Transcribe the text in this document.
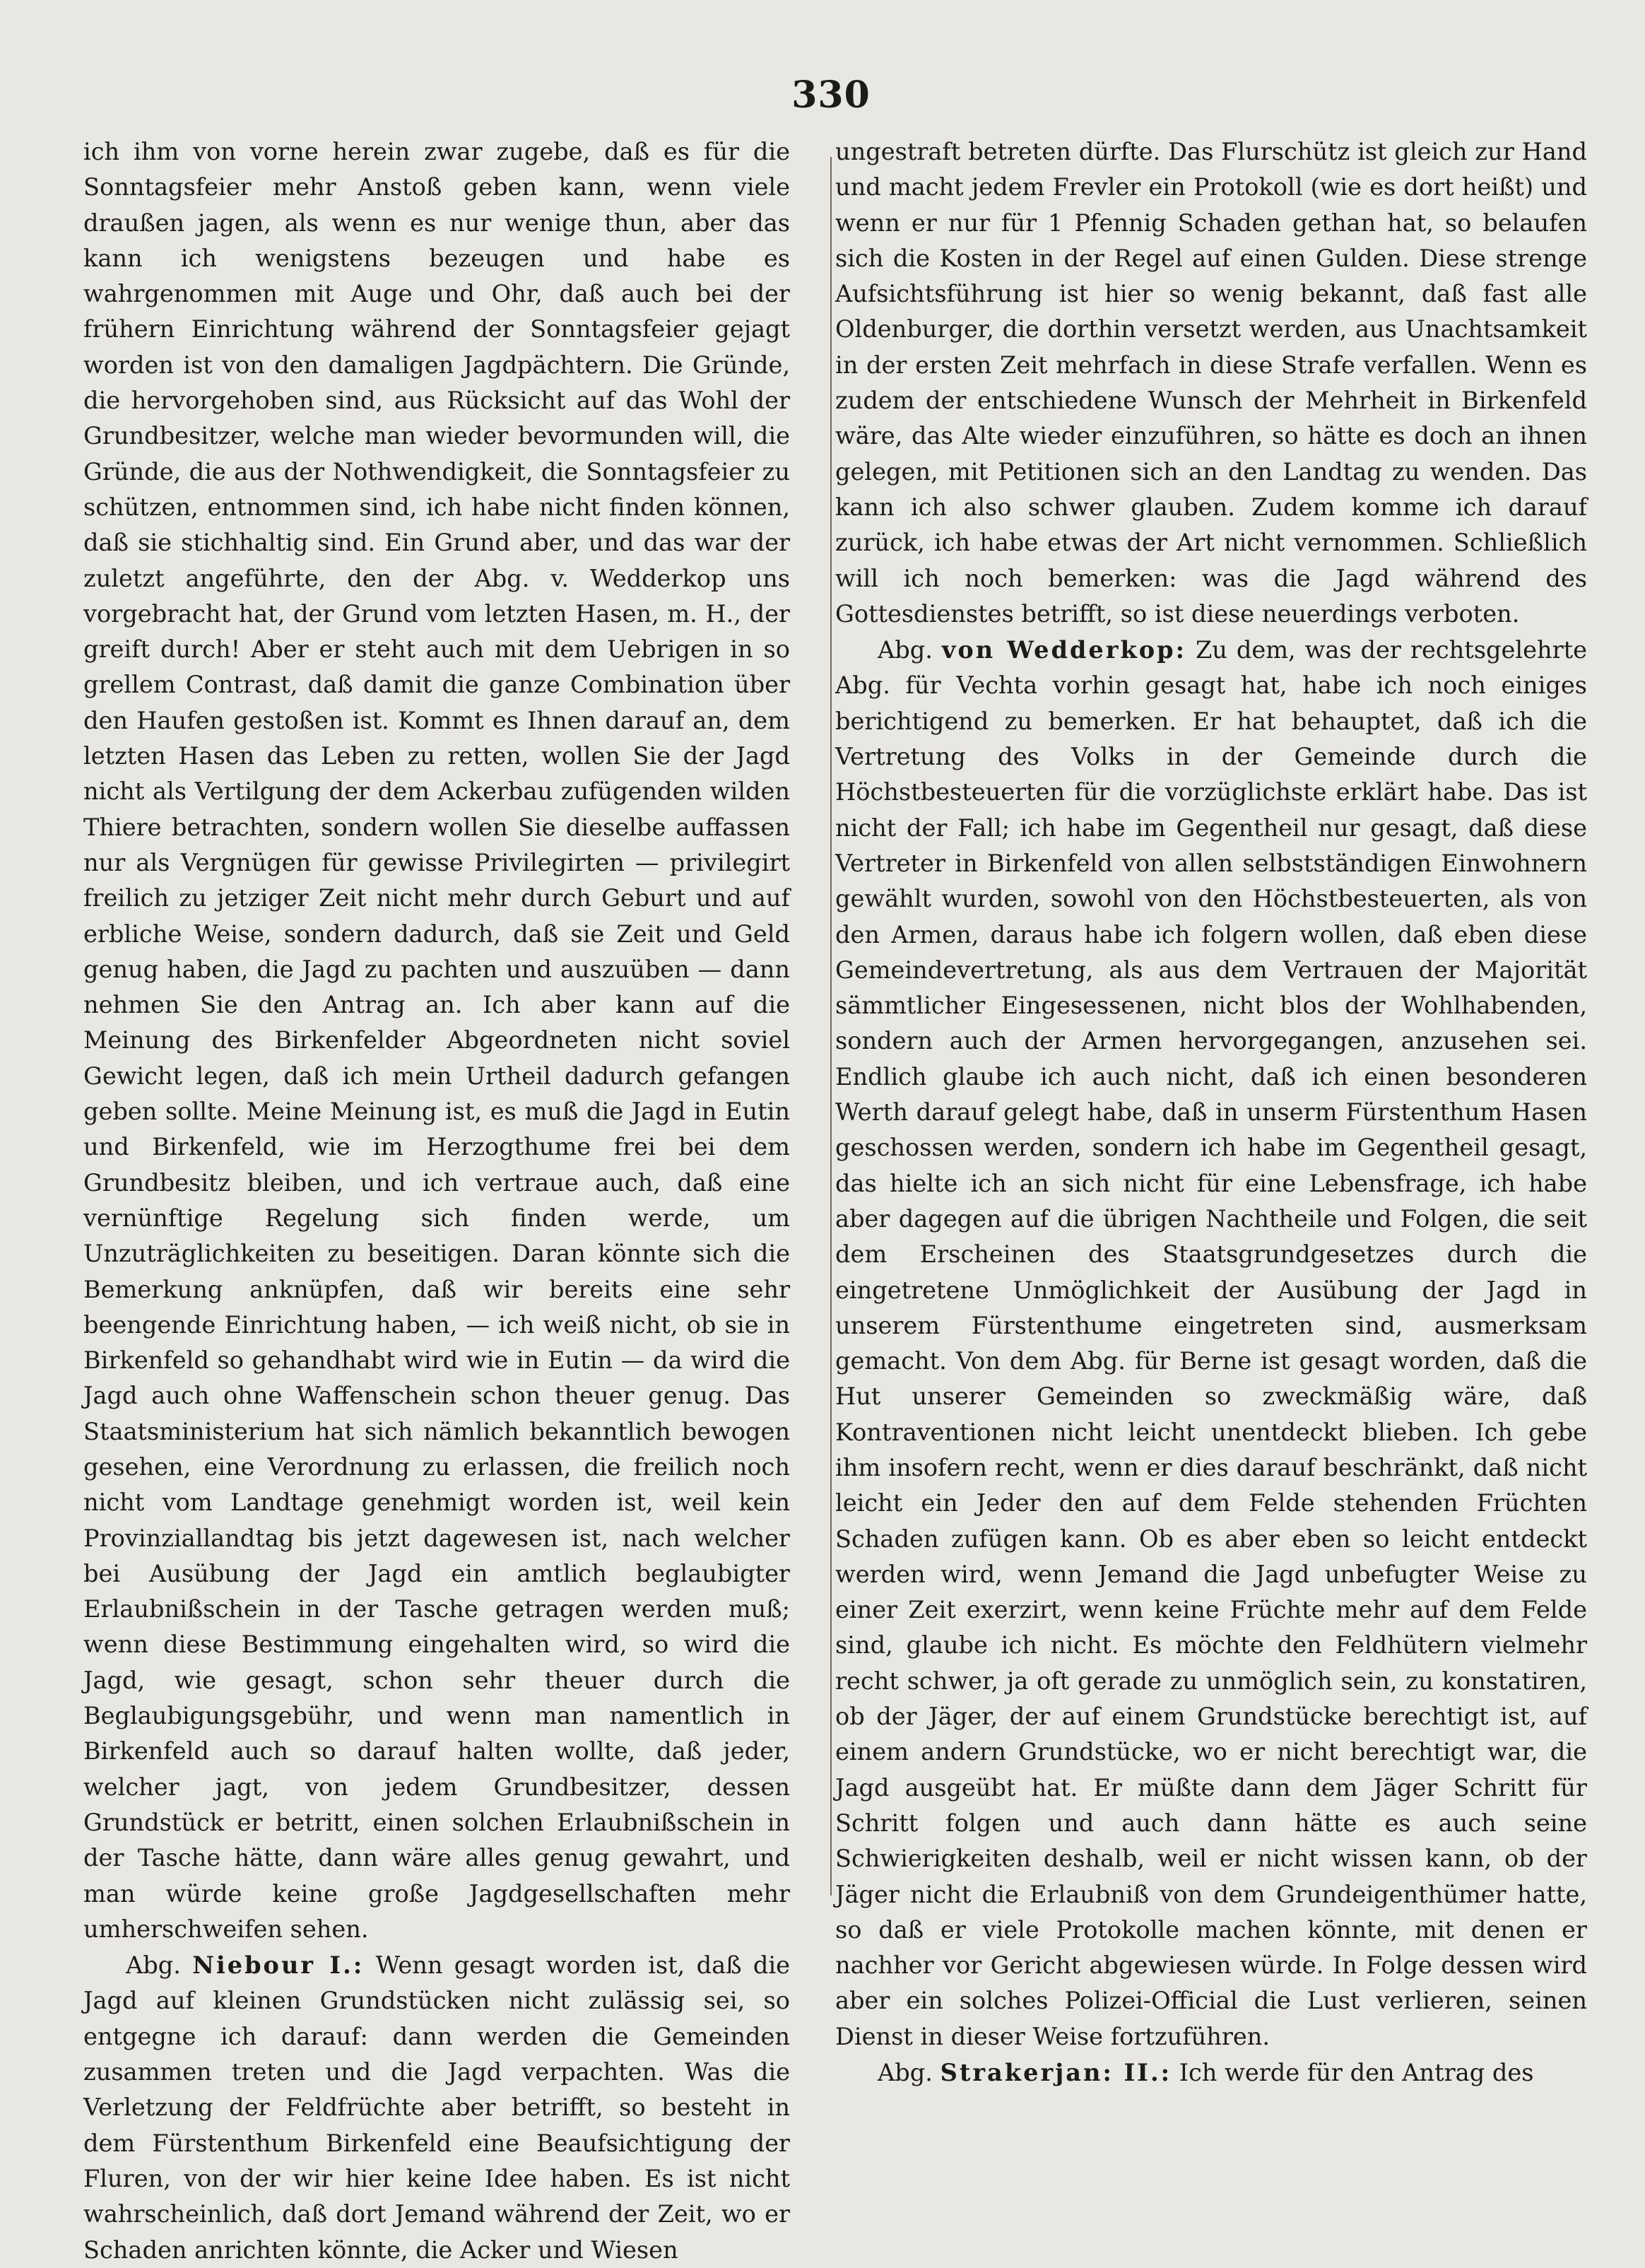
330

ich ihm von vorne herein zwar zugebe, daß es für die Sonntagsfeier mehr Anstoß geben kann, wenn viele draußen jagen, als wenn es nur wenige thun, aber das kann ich wenigstens bezeugen und habe es wahrgenommen mit Auge und Ohr, daß auch bei der frühern Einrichtung während der Sonntagsfeier gejagt worden ist von den damaligen Jagdpächtern. Die Gründe, die hervorgehoben sind, aus Rücksicht auf das Wohl der Grundbesitzer, welche man wieder bevormunden will, die Gründe, die aus der Nothwendigkeit, die Sonntagsfeier zu schützen, entnommen sind, ich habe nicht finden können, daß sie stichhaltig sind. Ein Grund aber, und das war der zuletzt angeführte, den der Abg. v. Wedderkop uns vorgebracht hat, der Grund vom letzten Hasen, m. H., der greift durch! Aber er steht auch mit dem Uebrigen in so grellem Contrast, daß damit die ganze Combination über den Haufen gestoßen ist. Kommt es Ihnen darauf an, dem letzten Hasen das Leben zu retten, wollen Sie der Jagd nicht als Vertilgung der dem Ackerbau zufügenden wilden Thiere betrachten, sondern wollen Sie dieselbe auffassen nur als Vergnügen für gewisse Privilegirten — privilegirt freilich zu jetziger Zeit nicht mehr durch Geburt und auf erbliche Weise, sondern dadurch, daß sie Zeit und Geld genug haben, die Jagd zu pachten und auszuüben — dann nehmen Sie den Antrag an. Ich aber kann auf die Meinung des Birkenfelder Abgeordneten nicht soviel Gewicht legen, daß ich mein Urtheil dadurch gefangen geben sollte. Meine Meinung ist, es muß die Jagd in Eutin und Birkenfeld, wie im Herzogthume frei bei dem Grundbesitz bleiben, und ich vertraue auch, daß eine vernünftige Regelung sich finden werde, um Unzuträglichkeiten zu beseitigen. Daran könnte sich die Bemerkung anknüpfen, daß wir bereits eine sehr beengende Einrichtung haben, — ich weiß nicht, ob sie in Birkenfeld so gehandhabt wird wie in Eutin — da wird die Jagd auch ohne Waffenschein schon theuer genug. Das Staatsministerium hat sich nämlich bekanntlich bewogen gesehen, eine Verordnung zu erlassen, die freilich noch nicht vom Landtage genehmigt worden ist, weil kein Provinziallandtag bis jetzt dagewesen ist, nach welcher bei Ausübung der Jagd ein amtlich beglaubigter Erlaubnißschein in der Tasche getragen werden muß; wenn diese Bestimmung eingehalten wird, so wird die Jagd, wie gesagt, schon sehr theuer durch die Beglaubigungsgebühr, und wenn man namentlich in Birkenfeld auch so darauf halten wollte, daß jeder, welcher jagt, von jedem Grundbesitzer, dessen Grundstück er betritt, einen solchen Erlaubnißschein in der Tasche hätte, dann wäre alles genug gewahrt, und man würde keine große Jagdgesellschaften mehr umherschweifen sehen.

Abg. Niebour I.: Wenn gesagt worden ist, daß die Jagd auf kleinen Grundstücken nicht zulässig sei, so entgegne ich darauf: dann werden die Gemeinden zusammen treten und die Jagd verpachten. Was die Verletzung der Feldfrüchte aber betrifft, so besteht in dem Fürstenthum Birkenfeld eine Beaufsichtigung der Fluren, von der wir hier keine Idee haben. Es ist nicht wahrscheinlich, daß dort Jemand während der Zeit, wo er Schaden anrichten könnte, die Acker und Wiesen

ungestraft betreten dürfte. Das Flurschütz ist gleich zur Hand und macht jedem Frevler ein Protokoll (wie es dort heißt) und wenn er nur für 1 Pfennig Schaden gethan hat, so belaufen sich die Kosten in der Regel auf einen Gulden. Diese strenge Aufsichtsführung ist hier so wenig bekannt, daß fast alle Oldenburger, die dorthin versetzt werden, aus Unachtsamkeit in der ersten Zeit mehrfach in diese Strafe verfallen. Wenn es zudem der entschiedene Wunsch der Mehrheit in Birkenfeld wäre, das Alte wieder einzuführen, so hätte es doch an ihnen gelegen, mit Petitionen sich an den Landtag zu wenden. Das kann ich also schwer glauben. Zudem komme ich darauf zurück, ich habe etwas der Art nicht vernommen. Schließlich will ich noch bemerken: was die Jagd während des Gottesdienstes betrifft, so ist diese neuerdings verboten.

Abg. von Wedderkop: Zu dem, was der rechtsgelehrte Abg. für Vechta vorhin gesagt hat, habe ich noch einiges berichtigend zu bemerken. Er hat behauptet, daß ich die Vertretung des Volks in der Gemeinde durch die Höchstbesteuerten für die vorzüglichste erklärt habe. Das ist nicht der Fall; ich habe im Gegentheil nur gesagt, daß diese Vertreter in Birkenfeld von allen selbstständigen Einwohnern gewählt wurden, sowohl von den Höchstbesteuerten, als von den Armen, daraus habe ich folgern wollen, daß eben diese Gemeindevertretung, als aus dem Vertrauen der Majorität sämmtlicher Eingesessenen, nicht blos der Wohlhabenden, sondern auch der Armen hervorgegangen, anzusehen sei. Endlich glaube ich auch nicht, daß ich einen besonderen Werth darauf gelegt habe, daß in unserm Fürstenthum Hasen geschossen werden, sondern ich habe im Gegentheil gesagt, das hielte ich an sich nicht für eine Lebensfrage, ich habe aber dagegen auf die übrigen Nachtheile und Folgen, die seit dem Erscheinen des Staatsgrundgesetzes durch die eingetretene Unmöglichkeit der Ausübung der Jagd in unserem Fürstenthume eingetreten sind, ausmerksam gemacht. Von dem Abg. für Berne ist gesagt worden, daß die Hut unserer Gemeinden so zweckmäßig wäre, daß Kontraventionen nicht leicht unentdeckt blieben. Ich gebe ihm insofern recht, wenn er dies darauf beschränkt, daß nicht leicht ein Jeder den auf dem Felde stehenden Früchten Schaden zufügen kann. Ob es aber eben so leicht entdeckt werden wird, wenn Jemand die Jagd unbefugter Weise zu einer Zeit exerzirt, wenn keine Früchte mehr auf dem Felde sind, glaube ich nicht. Es möchte den Feldhütern vielmehr recht schwer, ja oft gerade zu unmöglich sein, zu konstatiren, ob der Jäger, der auf einem Grundstücke berechtigt ist, auf einem andern Grundstücke, wo er nicht berechtigt war, die Jagd ausgeübt hat. Er müßte dann dem Jäger Schritt für Schritt folgen und auch dann hätte es auch seine Schwierigkeiten deshalb, weil er nicht wissen kann, ob der Jäger nicht die Erlaubniß von dem Grundeigenthümer hatte, so daß er viele Protokolle machen könnte, mit denen er nachher vor Gericht abgewiesen würde. In Folge dessen wird aber ein solches Polizei-Official die Lust verlieren, seinen Dienst in dieser Weise fortzuführen.

Abg. Strakerjan: II.: Ich werde für den Antrag des
